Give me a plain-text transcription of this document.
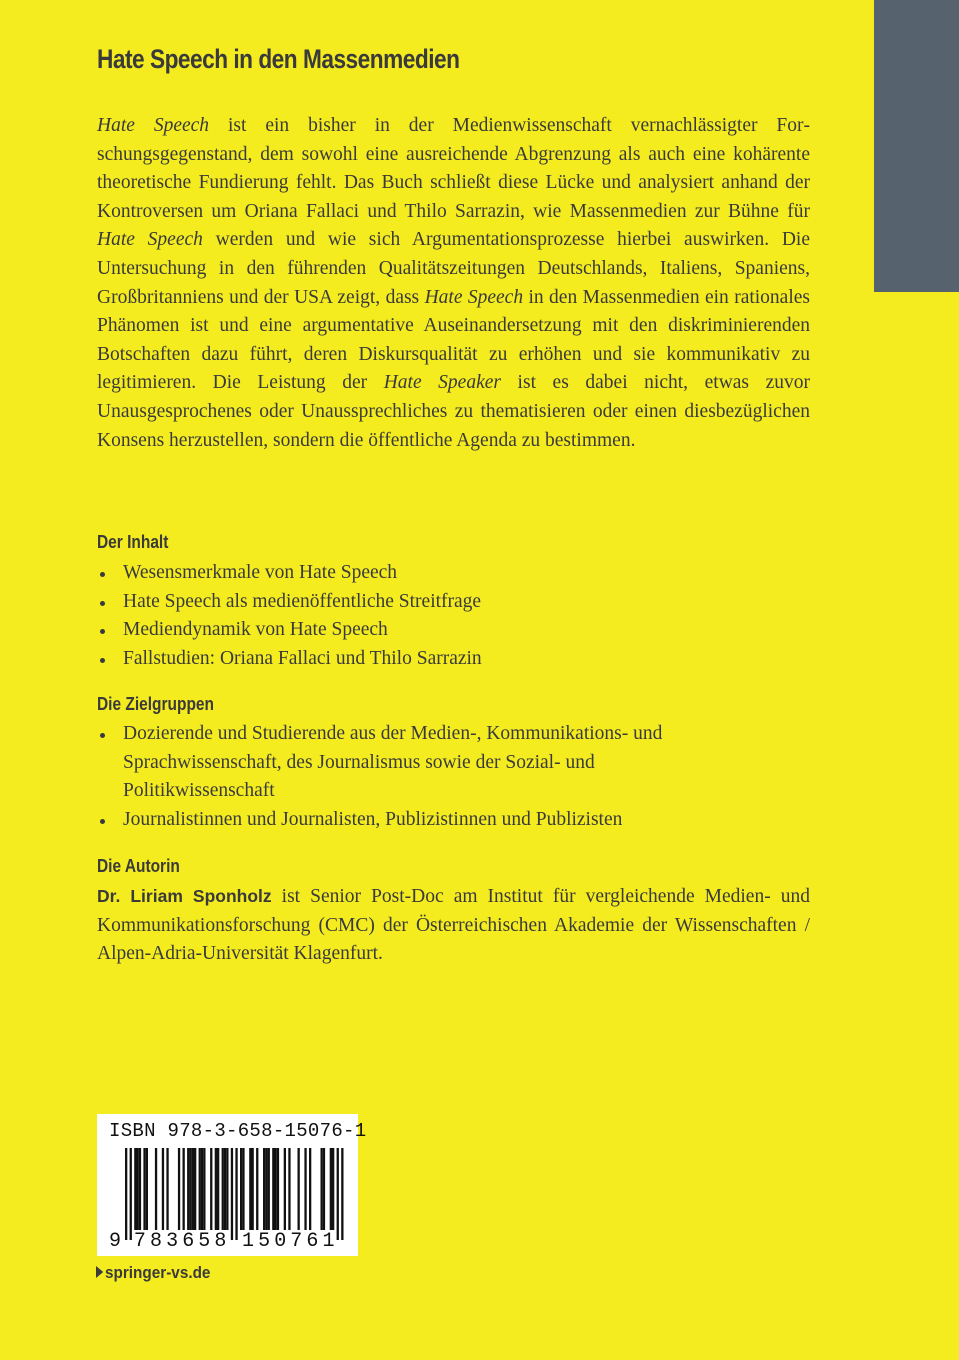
Hate Speech in den Massenmedien

Hate Speech ist ein bisher in der Medienwissenschaft vernachlässigter Forschungsgegenstand, dem sowohl eine ausreichende Abgrenzung als auch eine kohärente theoretische Fundierung fehlt. Das Buch schließt diese Lücke und analysiert anhand der Kontroversen um Oriana Fallaci und Thilo Sarrazin, wie Massenmedien zur Bühne für Hate Speech werden und wie sich Argumentationsprozesse hierbei auswirken. Die Untersuchung in den führenden Qualitätszeitungen Deutschlands, Italiens, Spaniens, Großbritanniens und der USA zeigt, dass Hate Speech in den Massenmedien ein rationales Phänomen ist und eine argumentative Auseinandersetzung mit den diskriminierenden Botschaften dazu führt, deren Diskursqualität zu erhöhen und sie kommunikativ zu legitimieren. Die Leistung der Hate Speaker ist es dabei nicht, etwas zuvor Unausgesprochenes oder Unaussprechliches zu thematisieren oder einen diesbezüglichen Konsens herzustellen, sondern die öffentliche Agenda zu bestimmen.

Der Inhalt
Wesensmerkmale von Hate Speech
Hate Speech als medienöffentliche Streitfrage
Mediendynamik von Hate Speech
Fallstudien: Oriana Fallaci und Thilo Sarrazin
Die Zielgruppen
Dozierende und Studierende aus der Medien-, Kommunikations- und Sprachwissenschaft, des Journalismus sowie der Sozial- und Politikwissenschaft
Journalistinnen und Journalisten, Publizistinnen und Publizisten
Die Autorin

Dr. Liriam Sponholz ist Senior Post-Doc am Institut für vergleichende Medien- und Kommunikationsforschung (CMC) der Österreichischen Akademie der Wissenschaften / Alpen-Adria-Universität Klagenfurt.

ISBN 978-3-658-15076-1
9 7 8 3 6 5 8 1 5 0 7 6 1
springer-vs.de
